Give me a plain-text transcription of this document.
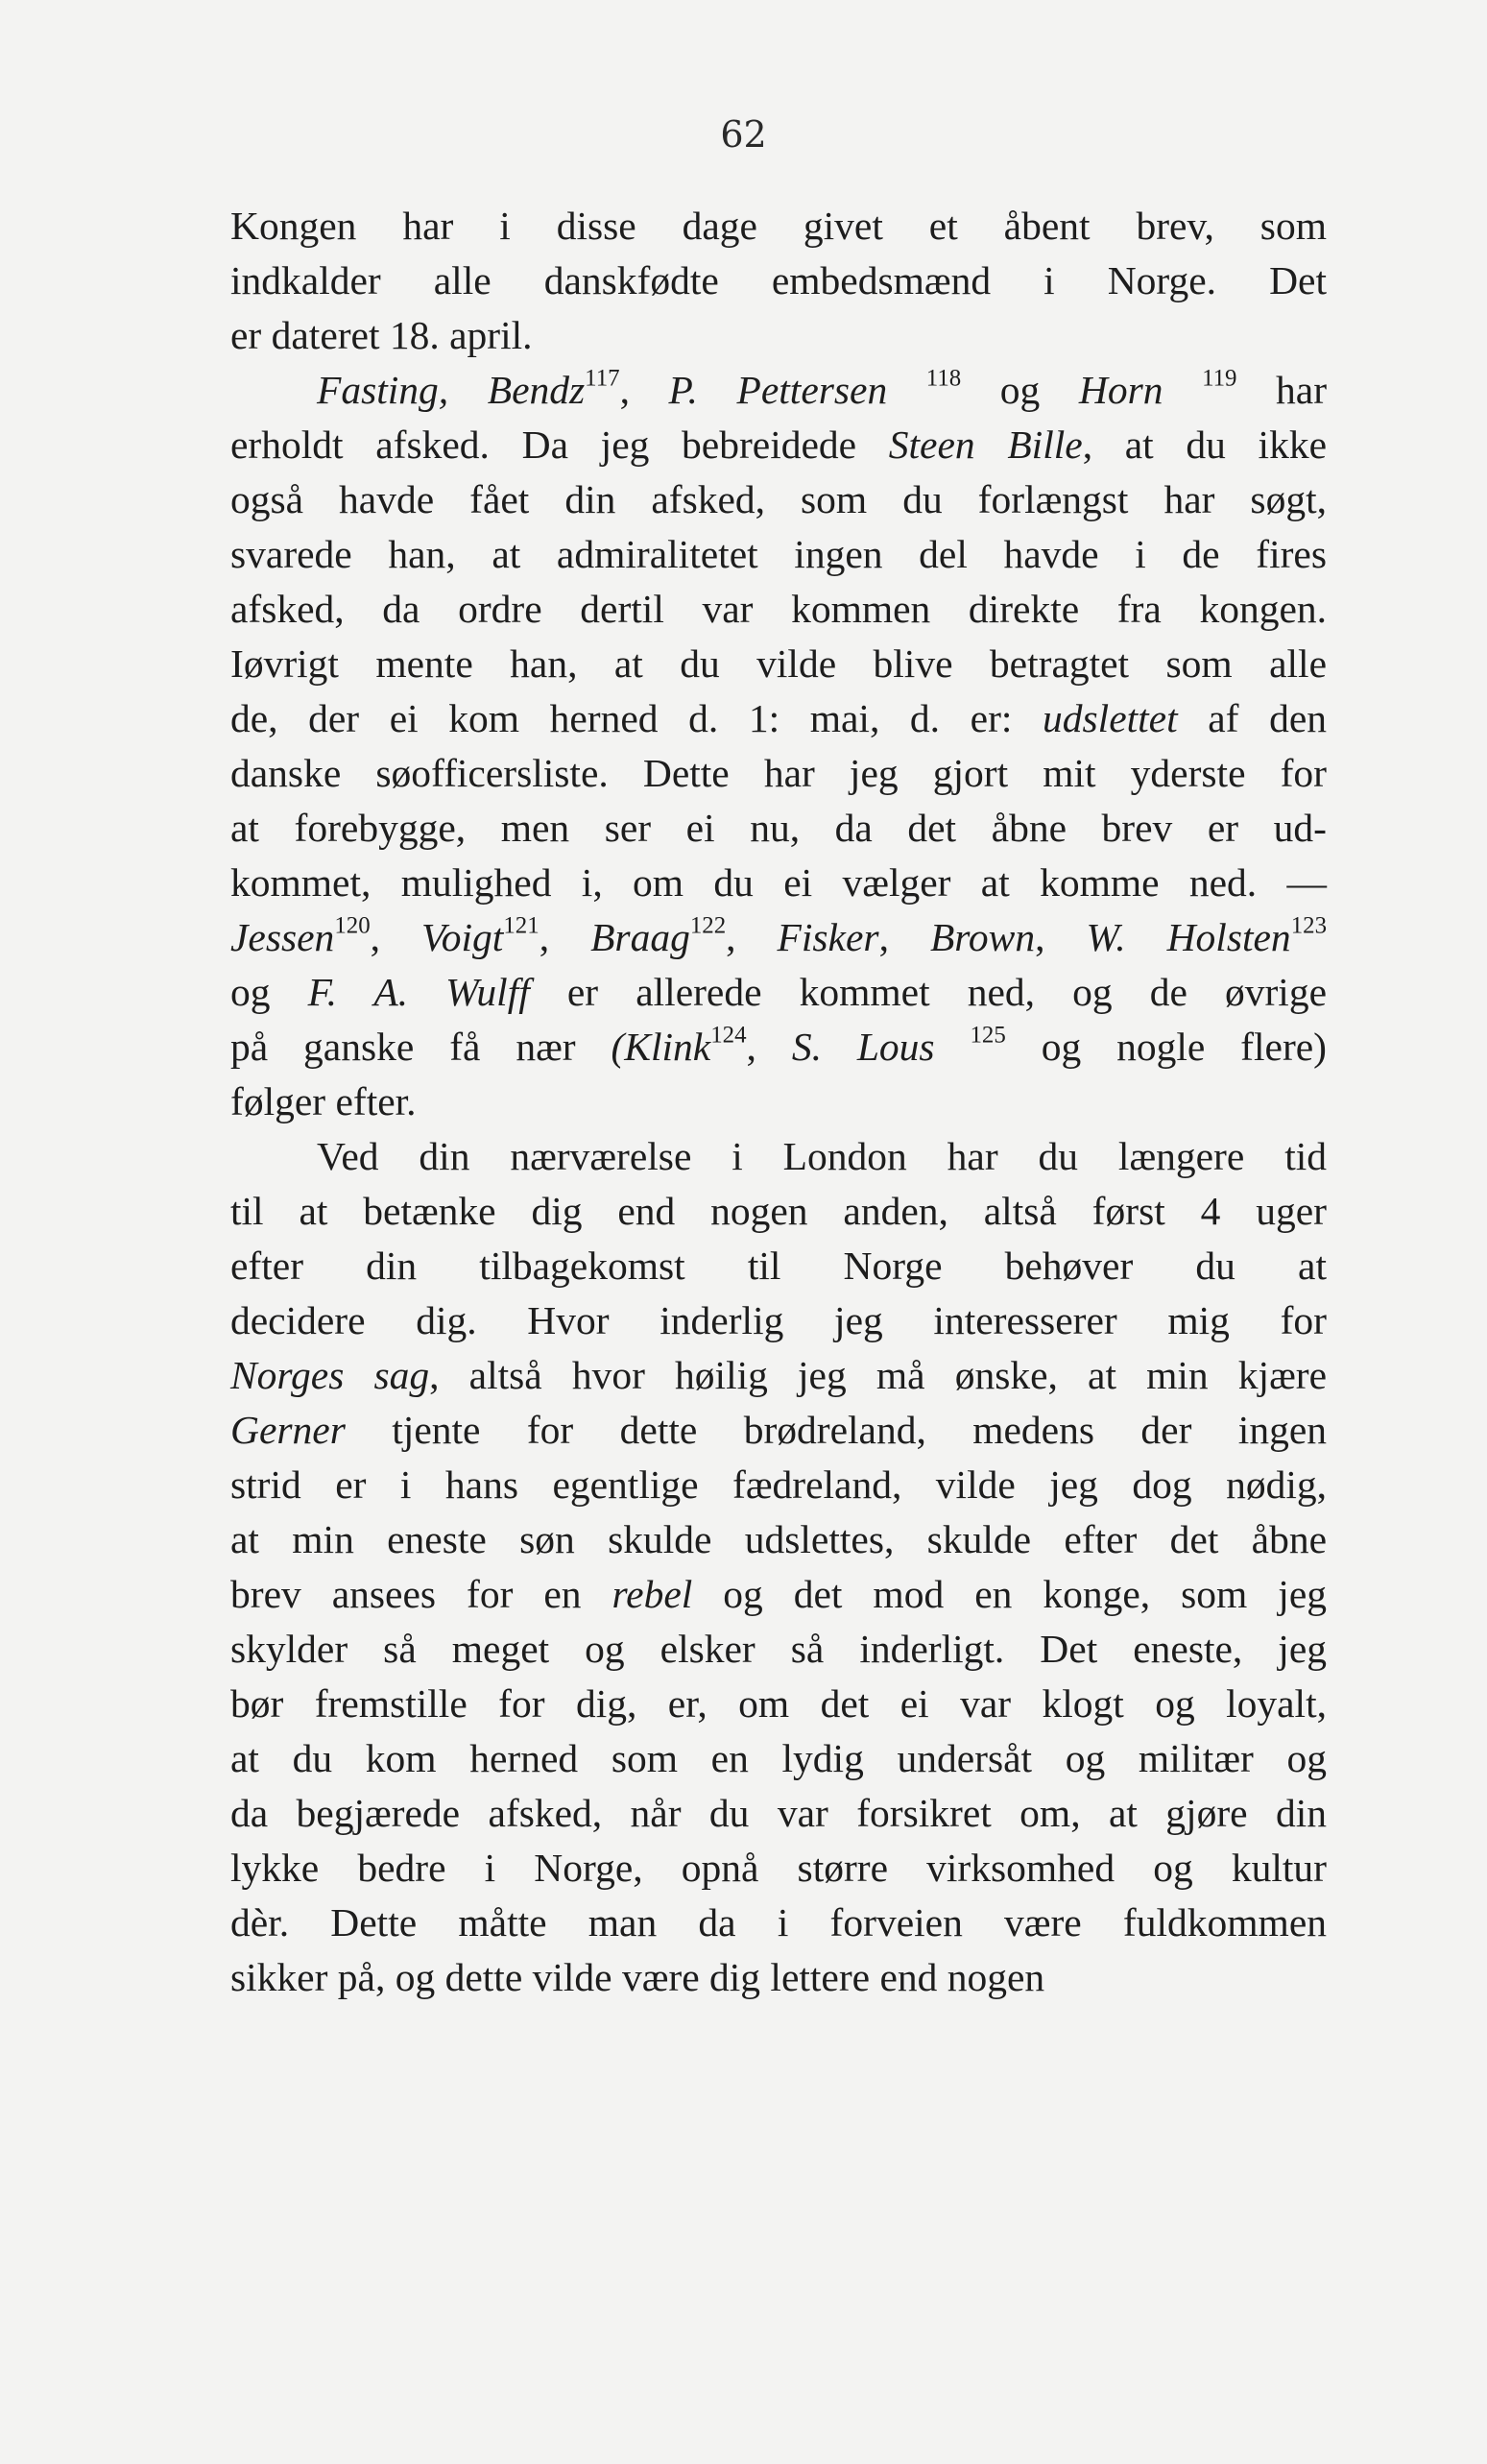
62
Kongen har i disse dage givet et åbent brev, som
indkalder alle danskfødte embedsmænd i Norge. Det
er dateret 18. april.
Fasting, Bendz$^{117}$, P. Pettersen $^{118}$ og Horn $^{119}$ har
erholdt afsked. Da jeg bebreidede Steen Bille, at du ikke
også havde fået din afsked, som du forlængst har søgt,
svarede han, at admiralitetet ingen del havde i de fires
afsked, da ordre dertil var kommen direkte fra kongen.
Iøvrigt mente han, at du vilde blive betragtet som alle
de, der ei kom herned d. 1: mai, d. er: udslettet af den
danske søofficersliste. Dette har jeg gjort mit yderste for
at forebygge, men ser ei nu, da det åbne brev er ud-
kommet, mulighed i, om du ei vælger at komme ned. —
Jessen$^{120}$, Voigt$^{121}$, Braag$^{122}$, Fisker, Brown, W. Holsten$^{123}$
og F. A. Wulff er allerede kommet ned, og de øvrige
på ganske få nær (Klink$^{124}$, S. Lous $^{125}$ og nogle flere)
følger efter.
Ved din nærværelse i London har du længere tid
til at betænke dig end nogen anden, altså først 4 uger
efter din tilbagekomst til Norge behøver du at
decidere dig. Hvor inderlig jeg interesserer mig for
Norges sag, altså hvor høilig jeg må ønske, at min kjære
Gerner tjente for dette brødreland, medens der ingen
strid er i hans egentlige fædreland, vilde jeg dog nødig,
at min eneste søn skulde udslettes, skulde efter det åbne
brev ansees for en rebel og det mod en konge, som jeg
skylder så meget og elsker så inderligt. Det eneste, jeg
bør fremstille for dig, er, om det ei var klogt og loyalt,
at du kom herned som en lydig undersåt og militær og
da begjærede afsked, når du var forsikret om, at gjøre din
lykke bedre i Norge, opnå større virksomhed og kultur
dèr. Dette måtte man da i forveien være fuldkommen
sikker på, og dette vilde være dig lettere end nogen
